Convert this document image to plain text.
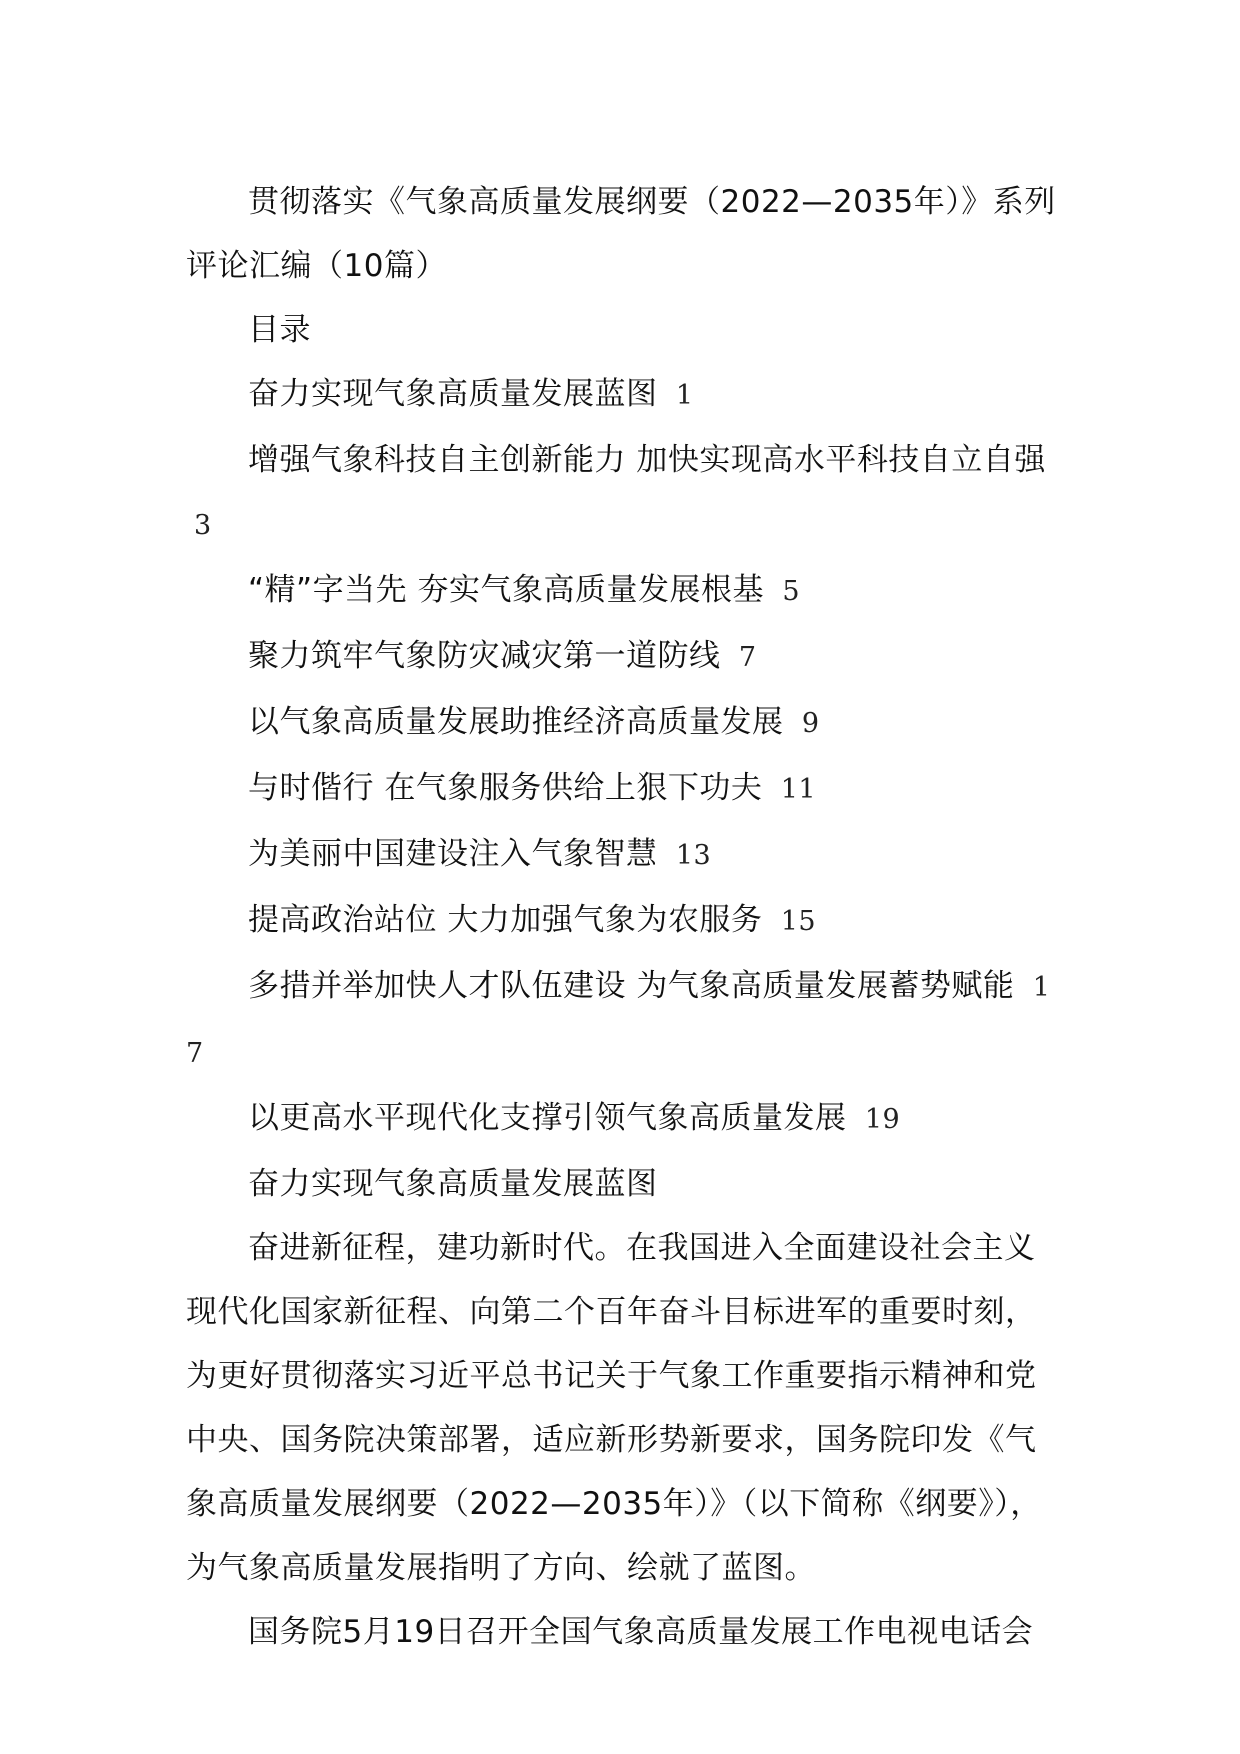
贯彻落实《气象高质量发展纲要（2022—2035年）》系列评论汇编（10篇）

目录

奋力实现气象高质量发展蓝图 1

增强气象科技自主创新能力 加快实现高水平科技自立自强 3

“精”字当先 夯实气象高质量发展根基 5

聚力筑牢气象防灾减灾第一道防线 7

以气象高质量发展助推经济高质量发展 9

与时偕行 在气象服务供给上狠下功夫 11

为美丽中国建设注入气象智慧 13

提高政治站位 大力加强气象为农服务 15

多措并举加快人才队伍建设 为气象高质量发展蓄势赋能 17

以更高水平现代化支撑引领气象高质量发展 19

奋力实现气象高质量发展蓝图

奋进新征程，建功新时代。在我国进入全面建设社会主义现代化国家新征程、向第二个百年奋斗目标进军的重要时刻，为更好贯彻落实习近平总书记关于气象工作重要指示精神和党中央、国务院决策部署，适应新形势新要求，国务院印发《气象高质量发展纲要（2022—2035年）》（以下简称《纲要》），为气象高质量发展指明了方向、绘就了蓝图。

国务院5月19日召开全国气象高质量发展工作电视电话会
